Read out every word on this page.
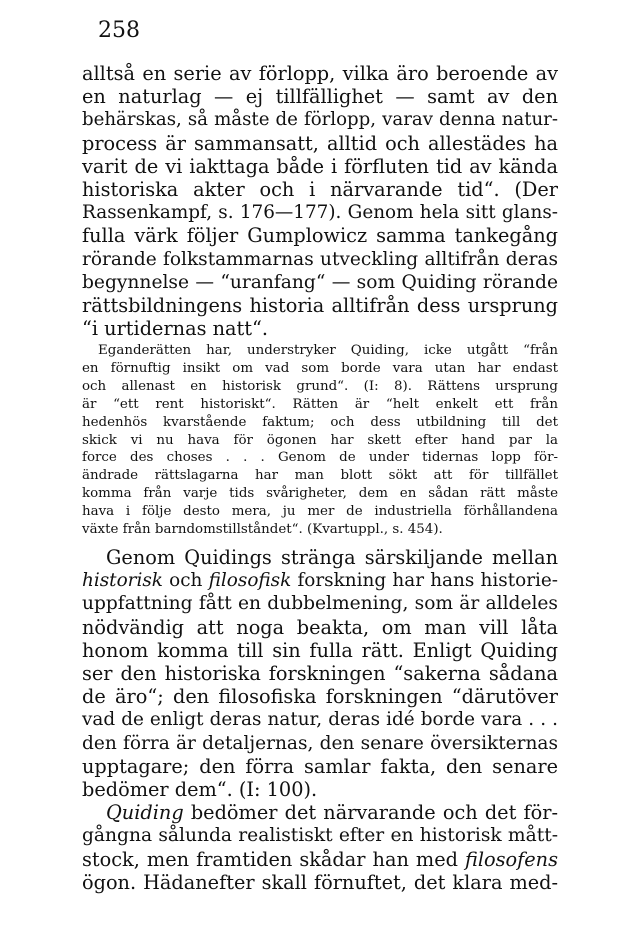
258
alltså en serie av förlopp, vilka äro beroende av
en naturlag — ej tillfällighet — samt av den
behärskas, så måste de förlopp, varav denna natur-
process är sammansatt, alltid och allestädes ha
varit de vi iakttaga både i förfluten tid av kända
historiska akter och i närvarande tid“. (Der
Rassenkampf, s. 176—177). Genom hela sitt glans-
fulla värk följer Gumplowicz samma tankegång
rörande folkstammarnas utveckling alltifrån deras
begynnelse — “uranfang“ — som Quiding rörande
rättsbildningens historia alltifrån dess ursprung
“i urtidernas natt“.
Eganderätten har, understryker Quiding, icke utgått “från
en förnuftig insikt om vad som borde vara utan har endast
och allenast en historisk grund“. (I: 8). Rättens ursprung
är “ett rent historiskt“. Rätten är “helt enkelt ett från
hedenhös kvarstående faktum; och dess utbildning till det
skick vi nu hava för ögonen har skett efter hand par la
force des choses . . . Genom de under tidernas lopp för-
ändrade rättslagarna har man blott sökt att för tillfället
komma från varje tids svårigheter, dem en sådan rätt måste
hava i följe desto mera, ju mer de industriella förhållandena
växte från barndomstillståndet“. (Kvartuppl., s. 454).
Genom Quidings stränga särskiljande mellan
historisk och filosofisk forskning har hans historie-
uppfattning fått en dubbelmening, som är alldeles
nödvändig att noga beakta, om man vill låta
honom komma till sin fulla rätt. Enligt Quiding
ser den historiska forskningen “sakerna sådana
de äro“; den filosofiska forskningen “därutöver
vad de enligt deras natur, deras idé borde vara . . .
den förra är detaljernas, den senare översikternas
upptagare; den förra samlar fakta, den senare
bedömer dem“. (I: 100).
Quiding bedömer det närvarande och det för-
gångna sålunda realistiskt efter en historisk mått-
stock, men framtiden skådar han med filosofens
ögon. Hädanefter skall förnuftet, det klara med-
